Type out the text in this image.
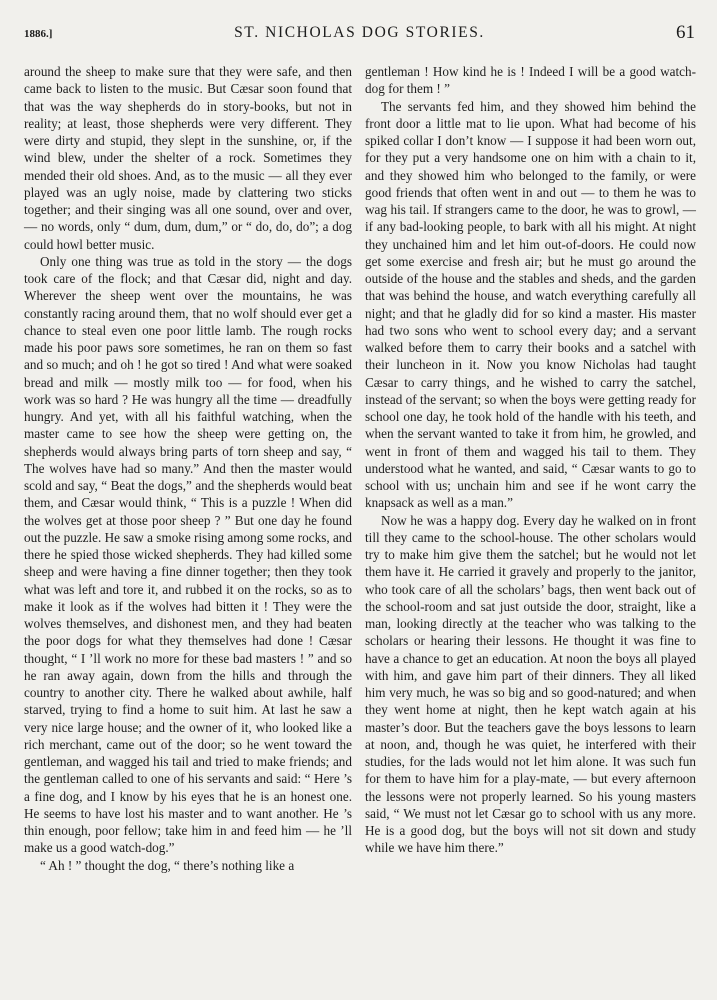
1886.]	ST. NICHOLAS DOG STORIES.	61

around the sheep to make sure that they were safe, and then came back to listen to the music. But Cæsar soon found that that was the way shepherds do in story-books, but not in reality; at least, those shepherds were very different. They were dirty and stupid, they slept in the sunshine, or, if the wind blew, under the shelter of a rock. Sometimes they mended their old shoes. And, as to the music — all they ever played was an ugly noise, made by clattering two sticks together; and their singing was all one sound, over and over, — no words, only “ dum, dum, dum,” or “ do, do, do”; a dog could howl better music.

Only one thing was true as told in the story — the dogs took care of the flock; and that Cæsar did, night and day. Wherever the sheep went over the mountains, he was constantly racing around them, that no wolf should ever get a chance to steal even one poor little lamb. The rough rocks made his poor paws sore sometimes, he ran on them so fast and so much; and oh ! he got so tired ! And what were soaked bread and milk — mostly milk too — for food, when his work was so hard ? He was hungry all the time — dreadfully hungry. And yet, with all his faithful watching, when the master came to see how the sheep were getting on, the shepherds would always bring parts of torn sheep and say, “ The wolves have had so many.” And then the master would scold and say, “ Beat the dogs,” and the shepherds would beat them, and Cæsar would think, “ This is a puzzle ! When did the wolves get at those poor sheep ? ” But one day he found out the puzzle. He saw a smoke rising among some rocks, and there he spied those wicked shepherds. They had killed some sheep and were having a fine dinner together; then they took what was left and tore it, and rubbed it on the rocks, so as to make it look as if the wolves had bitten it ! They were the wolves themselves, and dishonest men, and they had beaten the poor dogs for what they themselves had done ! Cæsar thought, “ I ’ll work no more for these bad masters ! ” and so he ran away again, down from the hills and through the country to another city. There he walked about awhile, half starved, trying to find a home to suit him. At last he saw a very nice large house; and the owner of it, who looked like a rich merchant, came out of the door; so he went toward the gentleman, and wagged his tail and tried to make friends; and the gentleman called to one of his servants and said: “ Here ’s a fine dog, and I know by his eyes that he is an honest one. He seems to have lost his master and to want another. He ’s thin enough, poor fellow; take him in and feed him — he ’ll make us a good watch-dog.”

“ Ah ! ” thought the dog, “ there’s nothing like a

gentleman ! How kind he is ! Indeed I will be a good watch-dog for them ! ”

The servants fed him, and they showed him behind the front door a little mat to lie upon. What had become of his spiked collar I don’t know — I suppose it had been worn out, for they put a very handsome one on him with a chain to it, and they showed him who belonged to the family, or were good friends that often went in and out — to them he was to wag his tail. If strangers came to the door, he was to growl, — if any bad-looking people, to bark with all his might. At night they unchained him and let him out-of-doors. He could now get some exercise and fresh air; but he must go around the outside of the house and the stables and sheds, and the garden that was behind the house, and watch everything carefully all night; and that he gladly did for so kind a master. His master had two sons who went to school every day; and a servant walked before them to carry their books and a satchel with their luncheon in it. Now you know Nicholas had taught Cæsar to carry things, and he wished to carry the satchel, instead of the servant; so when the boys were getting ready for school one day, he took hold of the handle with his teeth, and when the servant wanted to take it from him, he growled, and went in front of them and wagged his tail to them. They understood what he wanted, and said, “ Cæsar wants to go to school with us; unchain him and see if he wont carry the knapsack as well as a man.”

Now he was a happy dog. Every day he walked on in front till they came to the school-house. The other scholars would try to make him give them the satchel; but he would not let them have it. He carried it gravely and properly to the janitor, who took care of all the scholars’ bags, then went back out of the school-room and sat just outside the door, straight, like a man, looking directly at the teacher who was talking to the scholars or hearing their lessons. He thought it was fine to have a chance to get an education. At noon the boys all played with him, and gave him part of their dinners. They all liked him very much, he was so big and so good-natured; and when they went home at night, then he kept watch again at his master’s door. But the teachers gave the boys lessons to learn at noon, and, though he was quiet, he interfered with their studies, for the lads would not let him alone. It was such fun for them to have him for a play-mate, — but every afternoon the lessons were not properly learned. So his young masters said, “ We must not let Cæsar go to school with us any more. He is a good dog, but the boys will not sit down and study while we have him there.”
